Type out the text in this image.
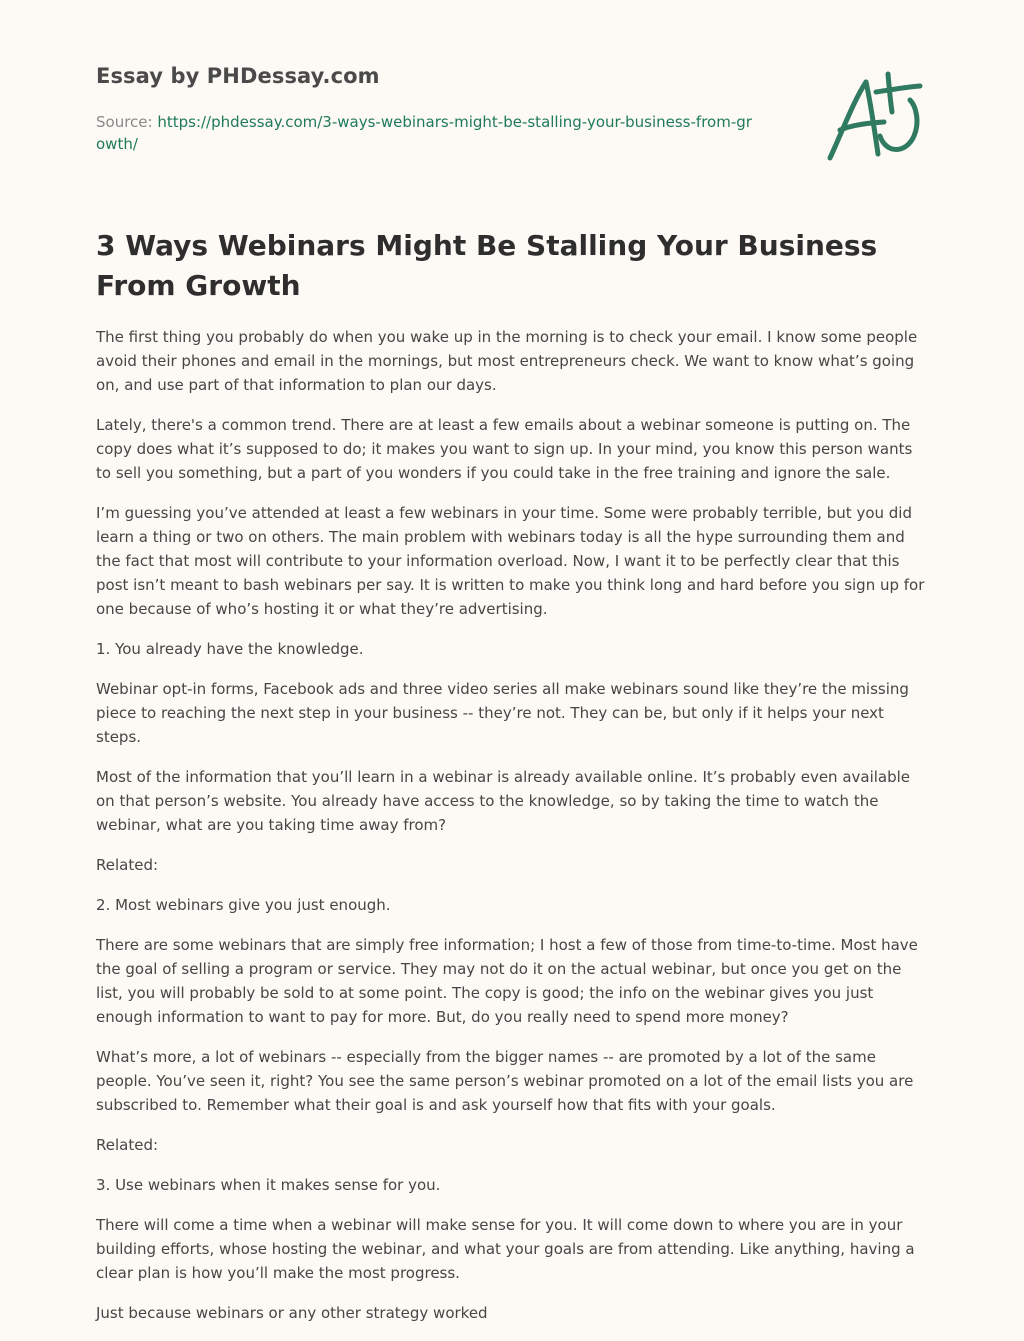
Essay by PHDessay.com
Source: https://phdessay.com/3-ways-webinars-might-be-stalling-your-business-from-growth/
3 Ways Webinars Might Be Stalling Your Business From Growth

The first thing you probably do when you wake up in the morning is to check your email. I know some people avoid their phones and email in the mornings, but most entrepreneurs check. We want to know what’s going on, and use part of that information to plan our days.

Lately, there's a common trend. There are at least a few emails about a webinar someone is putting on. The copy does what it’s supposed to do; it makes you want to sign up. In your mind, you know this person wants to sell you something, but a part of you wonders if you could take in the free training and ignore the sale.

I’m guessing you’ve attended at least a few webinars in your time. Some were probably terrible, but you did learn a thing or two on others. The main problem with webinars today is all the hype surrounding them and the fact that most will contribute to your information overload. Now, I want it to be perfectly clear that this post isn’t meant to bash webinars per say. It is written to make you think long and hard before you sign up for one because of who’s hosting it or what they’re advertising.

1. You already have the knowledge.

Webinar opt-in forms, Facebook ads and three video series all make webinars sound like they’re the missing piece to reaching the next step in your business -- they’re not. They can be, but only if it helps your next steps.

Most of the information that you’ll learn in a webinar is already available online. It’s probably even available on that person’s website. You already have access to the knowledge, so by taking the time to watch the webinar, what are you taking time away from?

Related:

2. Most webinars give you just enough.

There are some webinars that are simply free information; I host a few of those from time-to-time. Most have the goal of selling a program or service. They may not do it on the actual webinar, but once you get on the list, you will probably be sold to at some point. The copy is good; the info on the webinar gives you just enough information to want to pay for more. But, do you really need to spend more money?

What’s more, a lot of webinars -- especially from the bigger names -- are promoted by a lot of the same people. You’ve seen it, right? You see the same person’s webinar promoted on a lot of the email lists you are subscribed to. Remember what their goal is and ask yourself how that fits with your goals.

Related:

3. Use webinars when it makes sense for you.

There will come a time when a webinar will make sense for you. It will come down to where you are in your building efforts, whose hosting the webinar, and what your goals are from attending. Like anything, having a clear plan is how you’ll make the most progress.

Just because webinars or any other strategy worked
